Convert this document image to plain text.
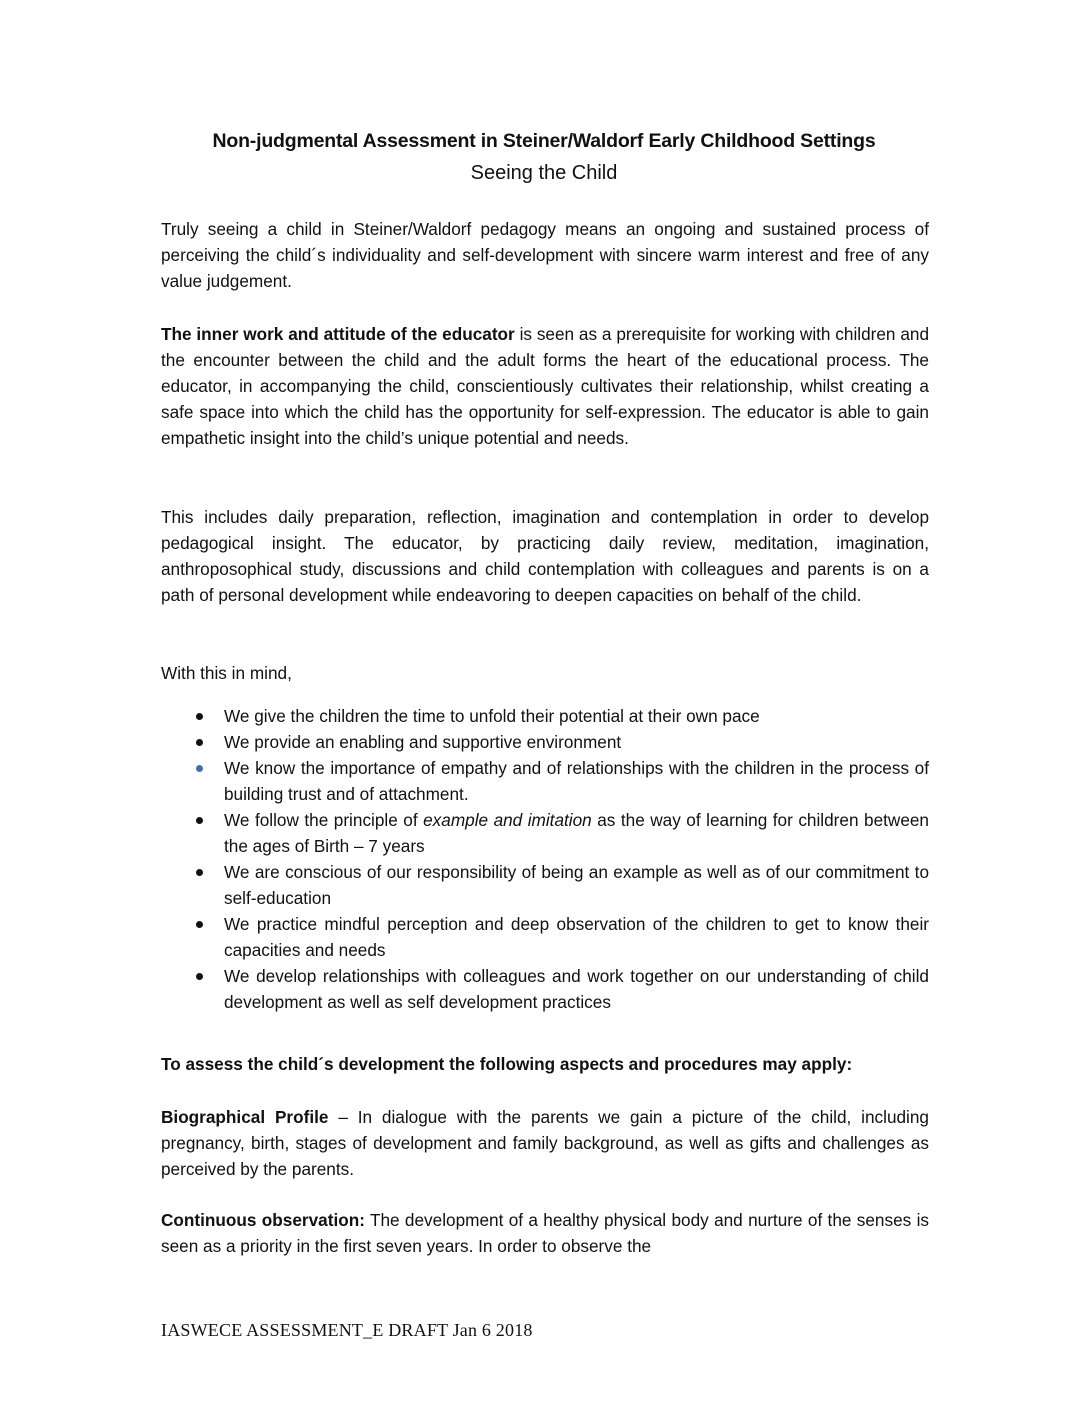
Non-judgmental Assessment in Steiner/Waldorf Early Childhood Settings
Seeing the Child

Truly seeing a child in Steiner/Waldorf pedagogy means an ongoing and sustained process of perceiving the child´s individuality and self-development with sincere warm interest and free of any value judgement.

The inner work and attitude of the educator is seen as a prerequisite for working with children and the encounter between the child and the adult forms the heart of the educational process. The educator, in accompanying the child, conscientiously cultivates their relationship, whilst creating a safe space into which the child has the opportunity for self-expression. The educator is able to gain empathetic insight into the child’s unique potential and needs.

This includes daily preparation, reflection, imagination and contemplation in order to develop pedagogical insight. The educator, by practicing daily review, meditation, imagination, anthroposophical study, discussions and child contemplation with colleagues and parents is on a path of personal development while endeavoring to deepen capacities on behalf of the child.

With this in mind,

We give the children the time to unfold their potential at their own pace
We provide an enabling and supportive environment
We know the importance of empathy and of relationships with the children in the process of building trust and of attachment.
We follow the principle of example and imitation as the way of learning for children between the ages of Birth – 7 years
We are conscious of our responsibility of being an example as well as of our commitment to self-education
We practice mindful perception and deep observation of the children to get to know their capacities and needs
We develop relationships with colleagues and work together on our understanding of child development as well as self development practices

To assess the child´s development the following aspects and procedures may apply:

Biographical Profile – In dialogue with the parents we gain a picture of the child, including pregnancy, birth, stages of development and family background, as well as gifts and challenges as perceived by the parents.

Continuous observation: The development of a healthy physical body and nurture of the senses is seen as a priority in the first seven years. In order to observe the

IASWECE ASSESSMENT_E DRAFT Jan 6 2018
